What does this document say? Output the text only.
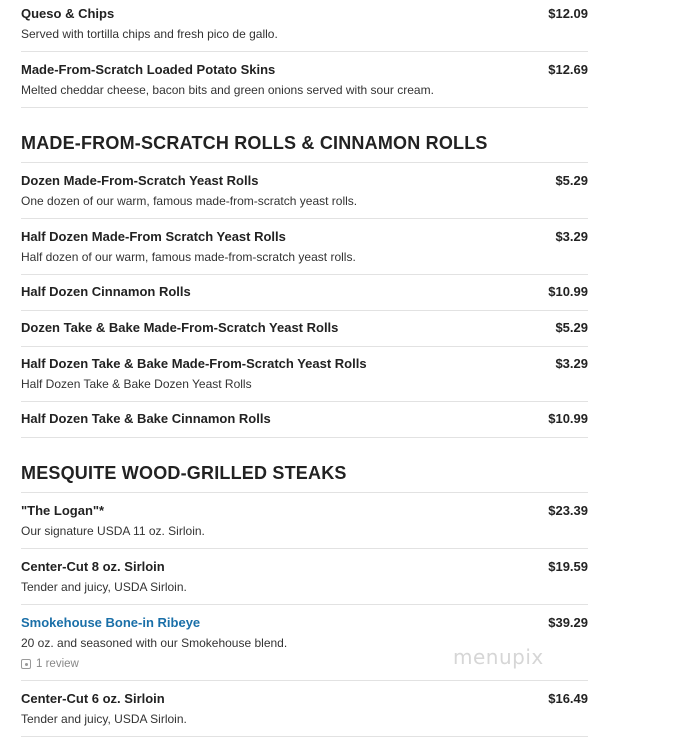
Queso & Chips	$12.09
Served with tortilla chips and fresh pico de gallo.
Made-From-Scratch Loaded Potato Skins	$12.69
Melted cheddar cheese, bacon bits and green onions served with sour cream.
MADE-FROM-SCRATCH ROLLS & CINNAMON ROLLS
Dozen Made-From-Scratch Yeast Rolls	$5.29
One dozen of our warm, famous made-from-scratch yeast rolls.
Half Dozen Made-From Scratch Yeast Rolls	$3.29
Half dozen of our warm, famous made-from-scratch yeast rolls.
Half Dozen Cinnamon Rolls	$10.99
Dozen Take & Bake Made-From-Scratch Yeast Rolls	$5.29
Half Dozen Take & Bake Made-From-Scratch Yeast Rolls	$3.29
Half Dozen Take & Bake Dozen Yeast Rolls
Half Dozen Take & Bake Cinnamon Rolls	$10.99
MESQUITE WOOD-GRILLED STEAKS
"The Logan"*	$23.39
Our signature USDA 11 oz. Sirloin.
Center-Cut 8 oz. Sirloin	$19.59
Tender and juicy, USDA Sirloin.
Smokehouse Bone-in Ribeye	$39.29
20 oz. and seasoned with our Smokehouse blend.
1 review
Center-Cut 6 oz. Sirloin	$16.49
Tender and juicy, USDA Sirloin.
menupix
